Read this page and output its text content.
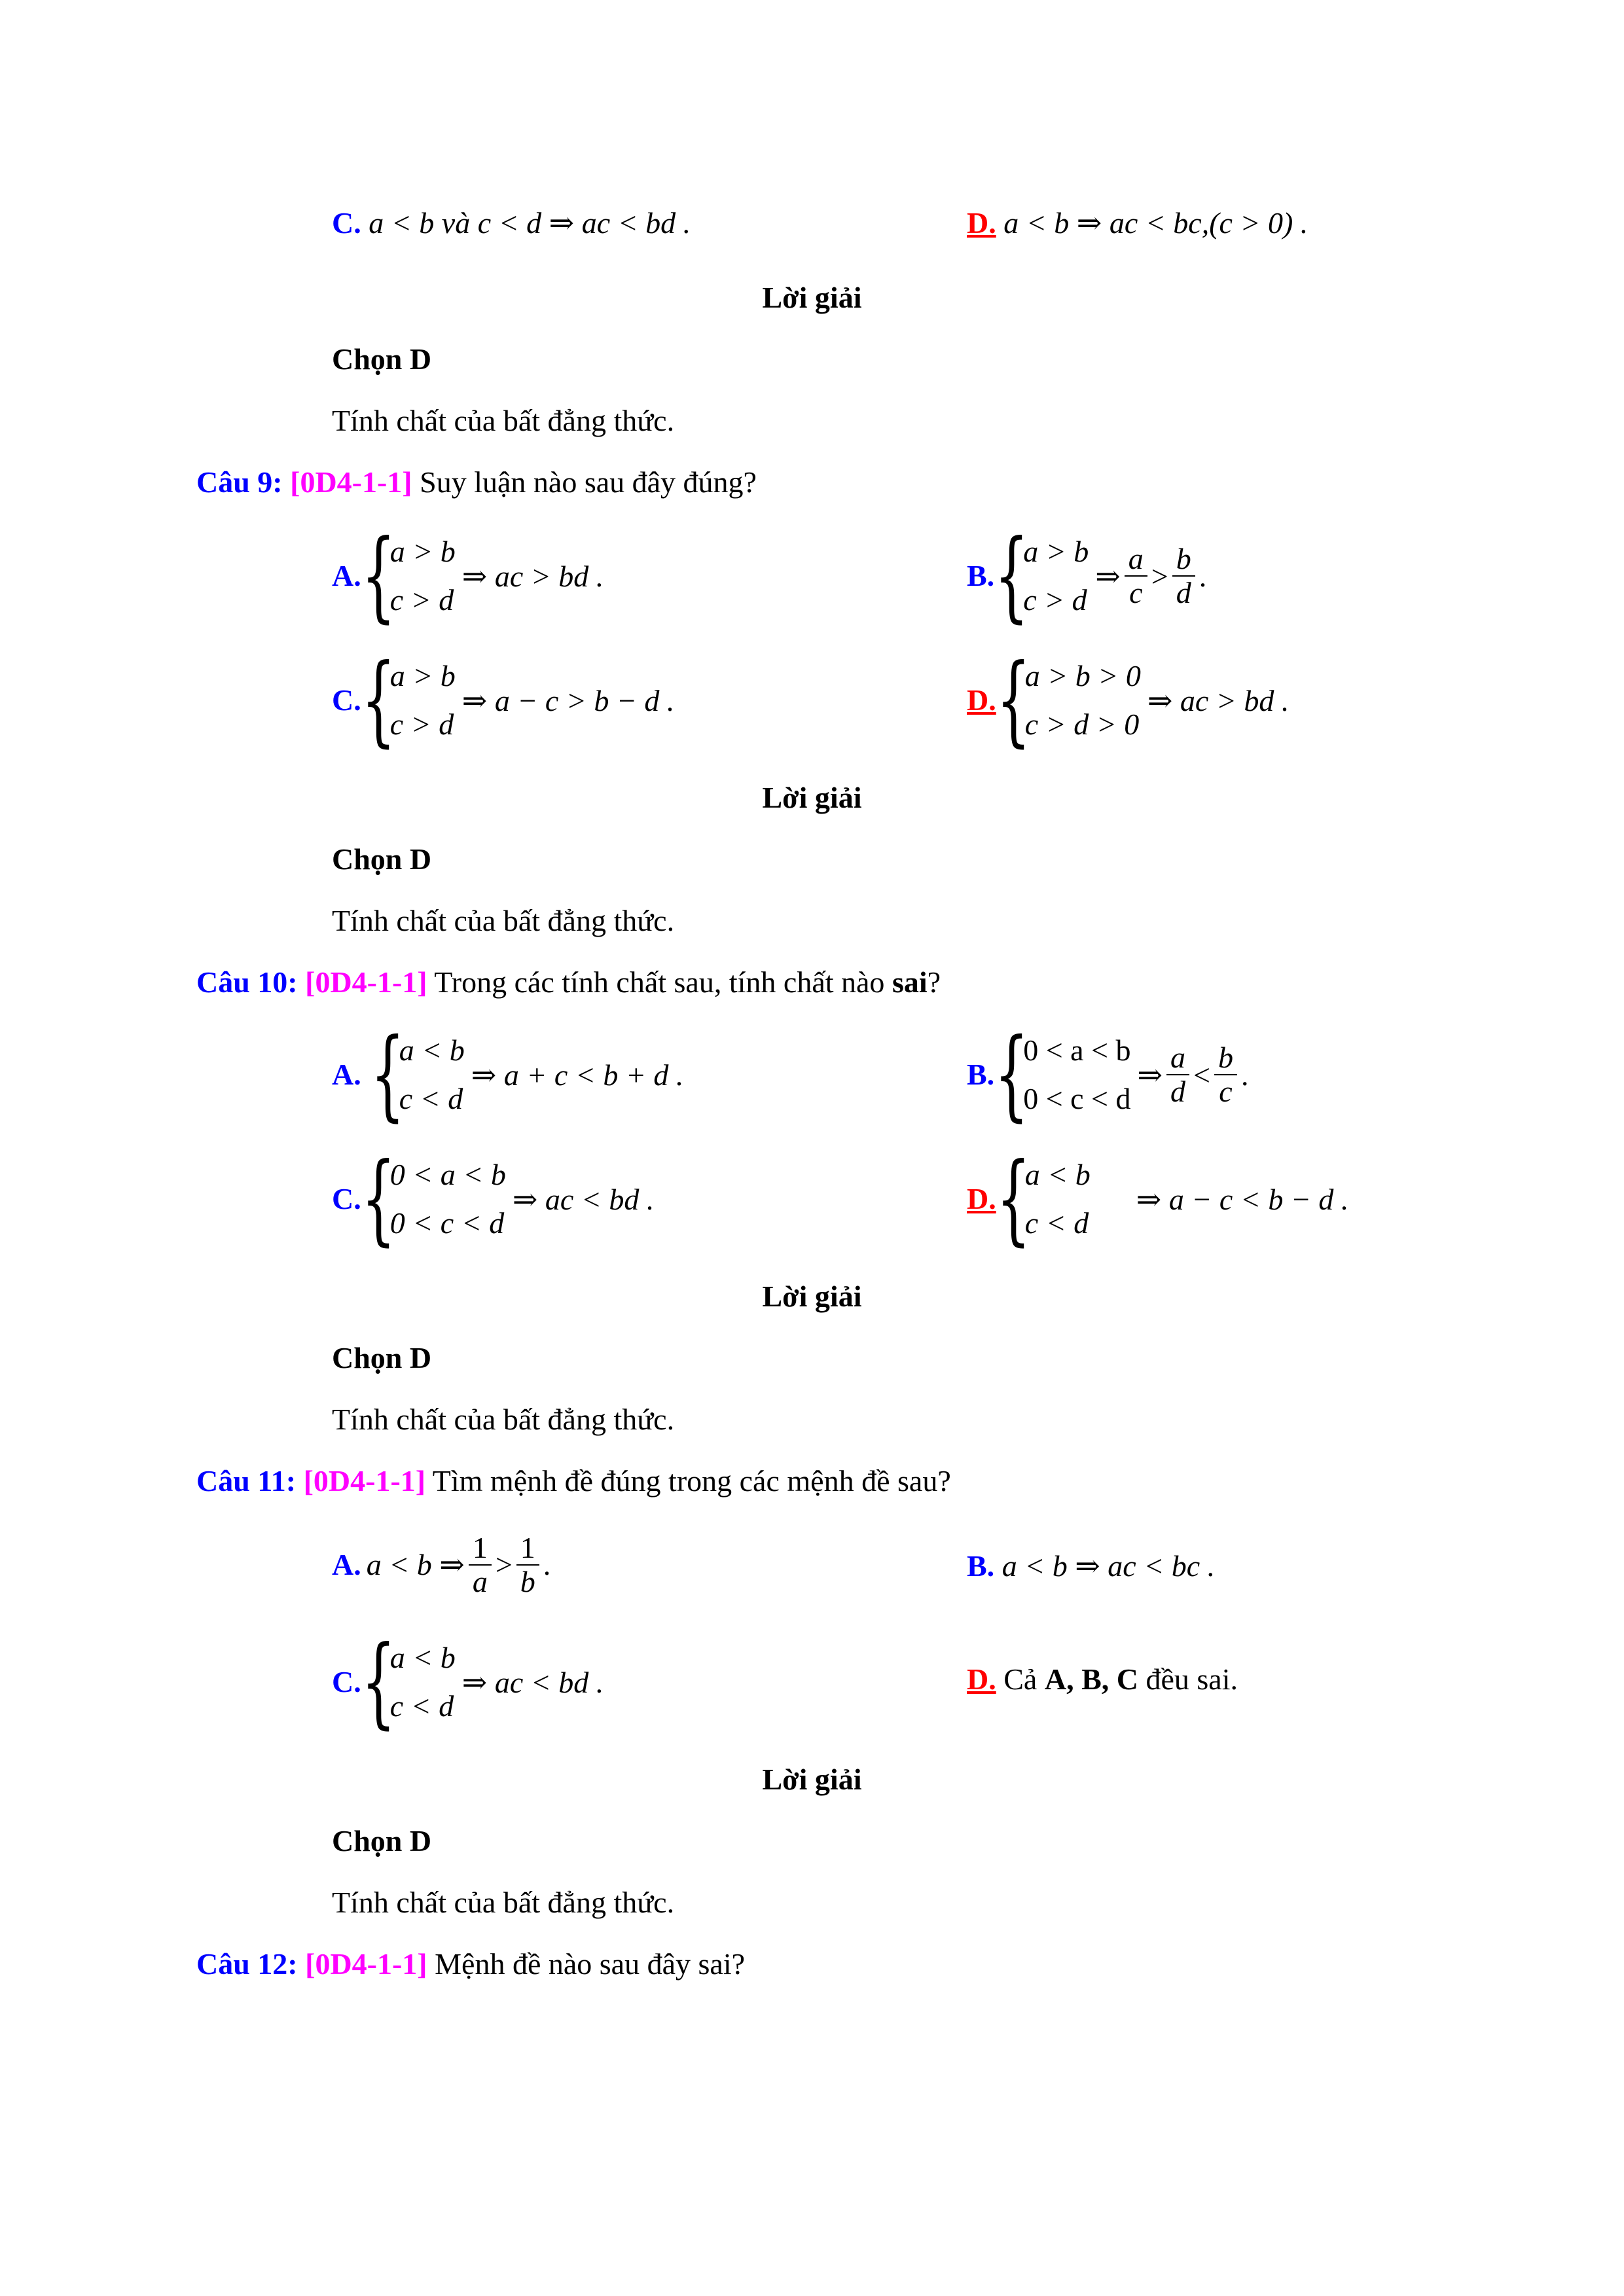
C. a < b và c < d ⇒ ac < bd .	D. a < b ⇒ ac < bc,(c > 0) .
Lời giải
Chọn D
Tính chất của bất đẳng thức.
Câu 9: [0D4-1-1] Suy luận nào sau đây đúng?
A. {
a > b
c > d
⇒ ac > bd .	B. {
a > b
c > d
⇒ $\frac{a}{c} > \frac{b}{d}$ .
C. {
a > b
c > d
⇒ a − c > b − d .	D. {
a > b > 0
c > d > 0
⇒ ac > bd .
Lời giải
Chọn D
Tính chất của bất đẳng thức.
Câu 10: [0D4-1-1] Trong các tính chất sau, tính chất nào sai?
A. {
a < b
c < d
⇒ a + c < b + d .	B. {
0 < a < b
0 < c < d
⇒ $\frac{a}{d} < \frac{b}{c}$ .
C. {
0 < a < b
0 < c < d
⇒ ac < bd .	D. {
a < b
c < d
⇒ a − c < b − d .
Lời giải
Chọn D
Tính chất của bất đẳng thức.
Câu 11: [0D4-1-1] Tìm mệnh đề đúng trong các mệnh đề sau?
A. a < b ⇒ $\frac{1}{a} > \frac{1}{b}$ .	B. a < b ⇒ ac < bc .
C. {
a < b
c < d
⇒ ac < bd .	D. Cả A, B, C đều sai.
Lời giải
Chọn D
Tính chất của bất đẳng thức.
Câu 12: [0D4-1-1] Mệnh đề nào sau đây sai?
